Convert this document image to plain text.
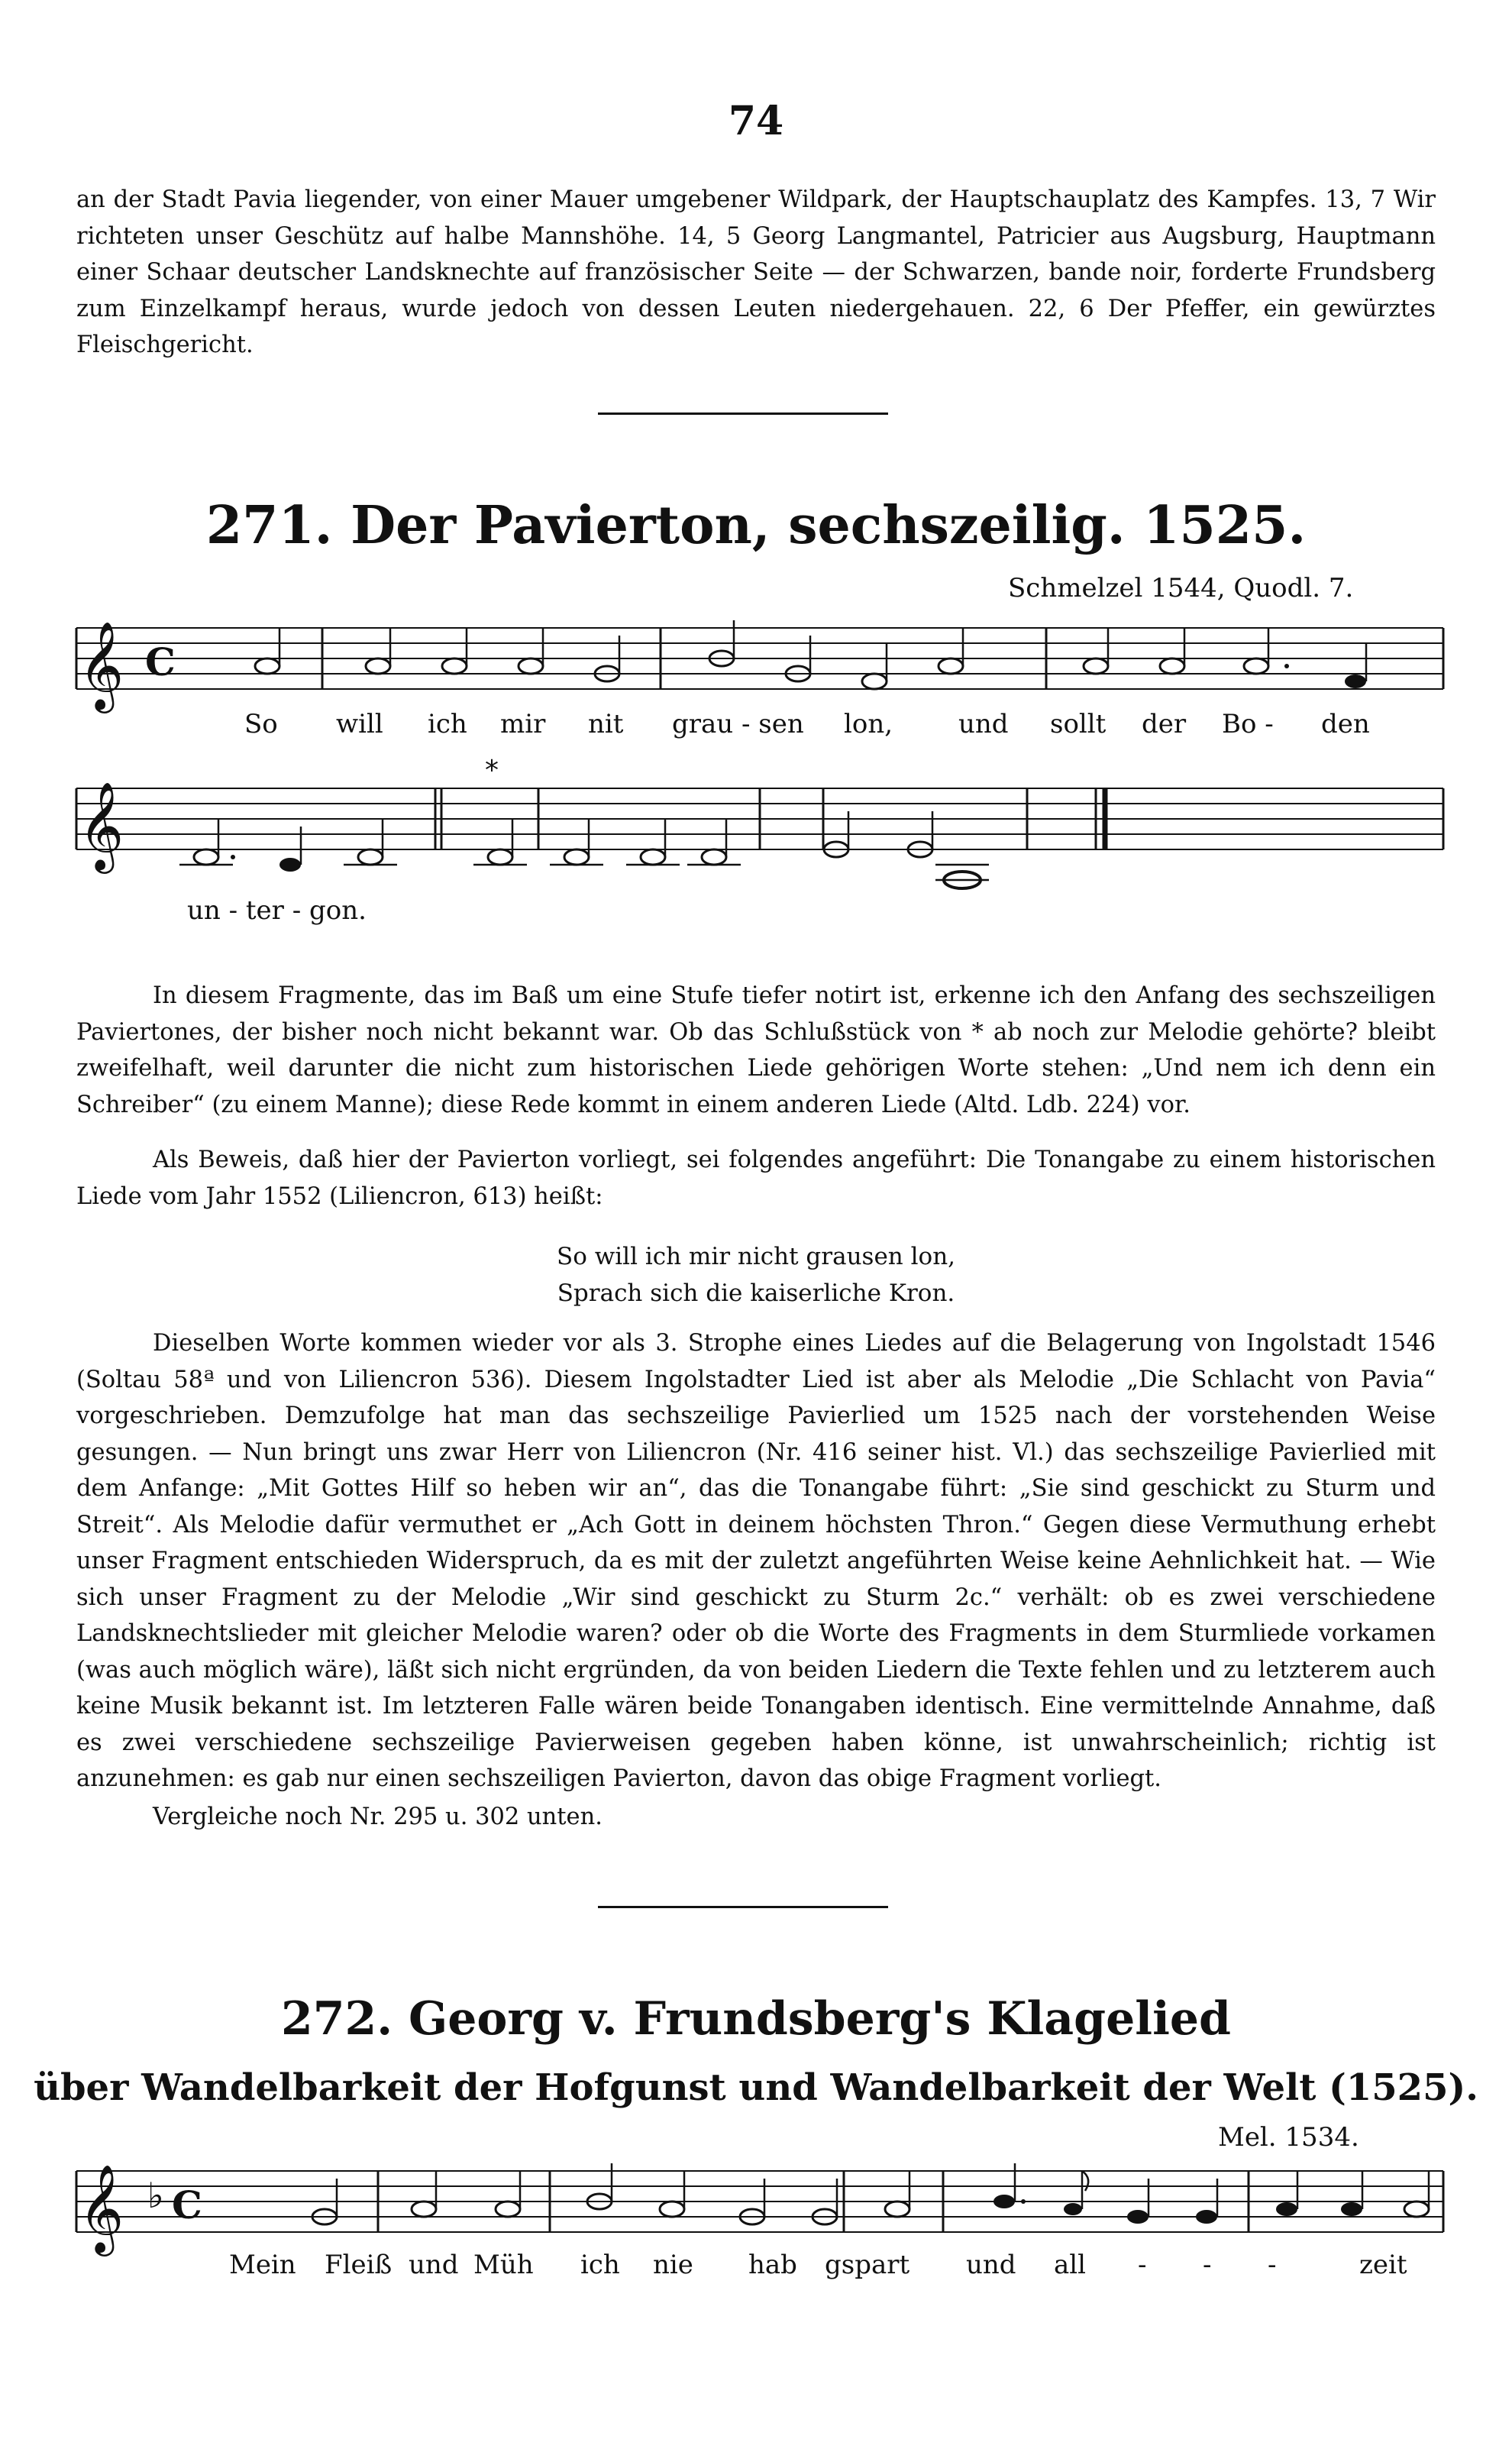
74

an der Stadt Pavia liegender, von einer Mauer umgebener Wildpark, der Hauptschauplatz des Kampfes. 13, 7 Wir richteten unser Geschütz auf halbe Mannshöhe. 14, 5 Georg Langmantel, Patricier aus Augsburg, Hauptmann einer Schaar deutscher Landsknechte auf französischer Seite — der Schwarzen, bande noir, forderte Frundsberg zum Einzelkampf heraus, wurde jedoch von dessen Leuten niedergehauen. 22, 6 Der Pfeffer, ein gewürztes Fleischgericht.

271. Der Pavierton, sechszeilig. 1525.
Schmelzel 1544, Quodl. 7.
𝄞 C
So will ich mir nit grau - sen lon,	und sollt der Bo - den
*
𝄞
un - ter - gon.

In diesem Fragmente, das im Baß um eine Stufe tiefer notirt ist, erkenne ich den Anfang des sechszeiligen Paviertones, der bisher noch nicht bekannt war. Ob das Schlußstück von * ab noch zur Melodie gehörte? bleibt zweifelhaft, weil darunter die nicht zum historischen Liede gehörigen Worte stehen: „Und nem ich denn ein Schreiber“ (zu einem Manne); diese Rede kommt in einem anderen Liede (Altd. Ldb. 224) vor.

Als Beweis, daß hier der Pavierton vorliegt, sei folgendes angeführt: Die Tonangabe zu einem historischen Liede vom Jahr 1552 (Liliencron, 613) heißt:

So will ich mir nicht grausen lon,

Sprach sich die kaiserliche Kron.

Dieselben Worte kommen wieder vor als 3. Strophe eines Liedes auf die Belagerung von Ingolstadt 1546 (Soltau 58ª und von Liliencron 536). Diesem Ingolstadter Lied ist aber als Melodie „Die Schlacht von Pavia“ vorgeschrieben. Demzufolge hat man das sechszeilige Pavierlied um 1525 nach der vorstehenden Weise gesungen. — Nun bringt uns zwar Herr von Liliencron (Nr. 416 seiner hist. Vl.) das sechszeilige Pavierlied mit dem Anfange: „Mit Gottes Hilf so heben wir an“, das die Tonangabe führt: „Sie sind geschickt zu Sturm und Streit“. Als Melodie dafür vermuthet er „Ach Gott in deinem höchsten Thron.“ Gegen diese Vermuthung erhebt unser Fragment entschieden Widerspruch, da es mit der zuletzt angeführten Weise keine Aehnlichkeit hat. — Wie sich unser Fragment zu der Melodie „Wir sind geschickt zu Sturm 2c.“ verhält: ob es zwei verschiedene Landsknechtslieder mit gleicher Melodie waren? oder ob die Worte des Fragments in dem Sturmliede vorkamen (was auch möglich wäre), läßt sich nicht ergründen, da von beiden Liedern die Texte fehlen und zu letzterem auch keine Musik bekannt ist. Im letzteren Falle wären beide Tonangaben identisch. Eine vermittelnde Annahme, daß es zwei verschiedene sechszeilige Pavierweisen gegeben haben könne, ist unwahrscheinlich; richtig ist anzunehmen: es gab nur einen sechszeiligen Pavierton, davon das obige Fragment vorliegt.

Vergleiche noch Nr. 295 u. 302 unten.

272. Georg v. Frundsberg's Klagelied
über Wandelbarkeit der Hofgunst und Wandelbarkeit der Welt (1525).
Mel. 1534.
𝄞 ♭ C
Mein Fleiß und Müh ich nie hab gspart und all - - -	zeit
